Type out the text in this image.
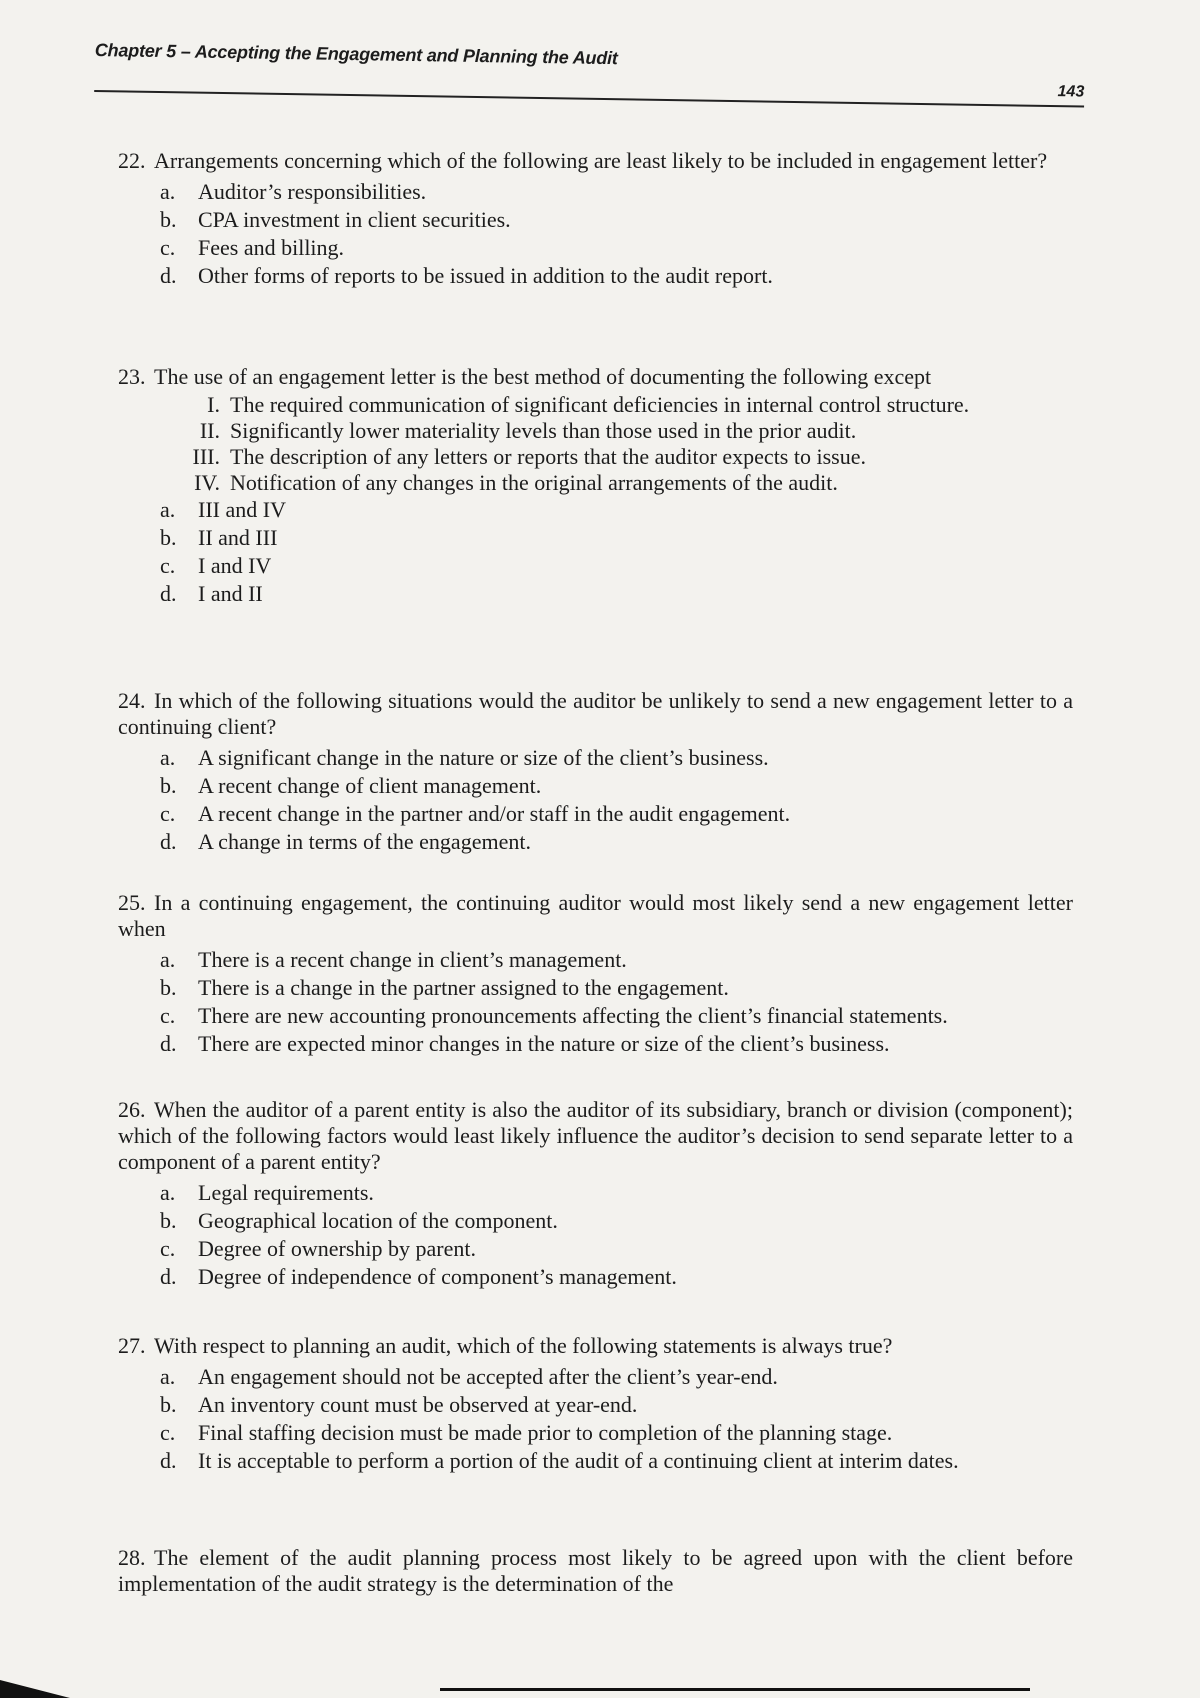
Chapter 5 – Accepting the Engagement and Planning the Audit
143
22. Arrangements concerning which of the following are least likely to be included in engagement letter?
a.	Auditor’s responsibilities.
b. CPA investment in client securities.
c.	Fees and billing.
d. Other forms of reports to be issued in addition to the audit report.
23. The use of an engagement letter is the best method of documenting the following except
I. The required communication of significant deficiencies in internal control structure.
II. Significantly lower materiality levels than those used in the prior audit.
III. The description of any letters or reports that the auditor expects to issue.
IV. Notification of any changes in the original arrangements of the audit.
a.	III and IV
b. II and III
c.	I and IV
d. I and II
24. In which of the following situations would the auditor be unlikely to send a new engagement letter to a continuing client?
a.	A significant change in the nature or size of the client’s business.
b. A recent change of client management.
c.	A recent change in the partner and/or staff in the audit engagement.
d. A change in terms of the engagement.
25. In a continuing engagement, the continuing auditor would most likely send a new engagement letter when
a.	There is a recent change in client’s management.
b. There is a change in the partner assigned to the engagement.
c.	There are new accounting pronouncements affecting the client’s financial statements.
d. There are expected minor changes in the nature or size of the client’s business.
26. When the auditor of a parent entity is also the auditor of its subsidiary, branch or division (component); which of the following factors would least likely influence the auditor’s decision to send separate letter to a component of a parent entity?
a.	Legal requirements.
b. Geographical location of the component.
c.	Degree of ownership by parent.
d. Degree of independence of component’s management.
27. With respect to planning an audit, which of the following statements is always true?
a.	An engagement should not be accepted after the client’s year-end.
b. An inventory count must be observed at year-end.
c.	Final staffing decision must be made prior to completion of the planning stage.
d. It is acceptable to perform a portion of the audit of a continuing client at interim dates.
28. The element of the audit planning process most likely to be agreed upon with the client before implementation of the audit strategy is the determination of the
